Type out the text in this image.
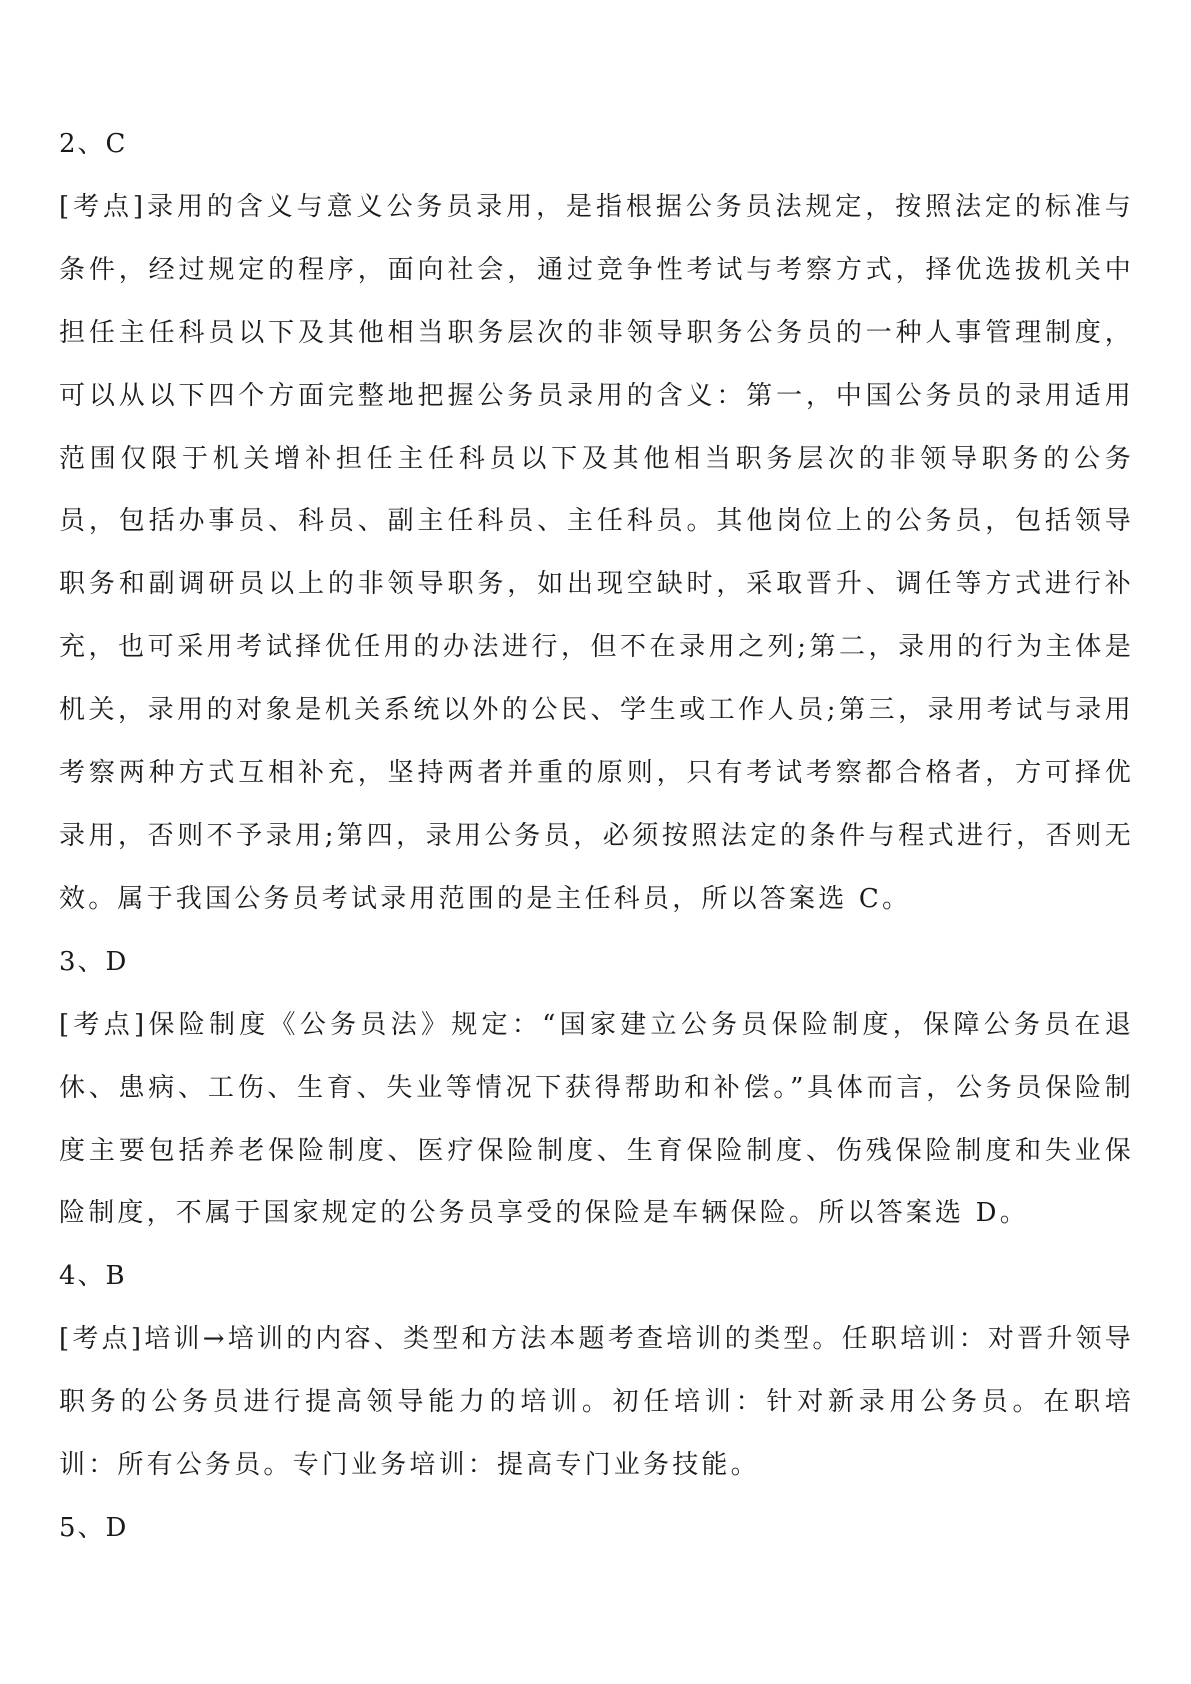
2、C
[考点]录用的含义与意义公务员录用，是指根据公务员法规定，按照法定的标准与条件，经过规定的程序，面向社会，通过竞争性考试与考察方式，择优选拔机关中担任主任科员以下及其他相当职务层次的非领导职务公务员的一种人事管理制度，可以从以下四个方面完整地把握公务员录用的含义：第一，中国公务员的录用适用范围仅限于机关增补担任主任科员以下及其他相当职务层次的非领导职务的公务员，包括办事员、科员、副主任科员、主任科员。其他岗位上的公务员，包括领导职务和副调研员以上的非领导职务，如出现空缺时，采取晋升、调任等方式进行补充，也可采用考试择优任用的办法进行，但不在录用之列;第二，录用的行为主体是机关，录用的对象是机关系统以外的公民、学生或工作人员;第三，录用考试与录用考察两种方式互相补充，坚持两者并重的原则，只有考试考察都合格者，方可择优录用，否则不予录用;第四，录用公务员，必须按照法定的条件与程式进行，否则无效。属于我国公务员考试录用范围的是主任科员，所以答案选 C。
3、D
[考点]保险制度《公务员法》规定：“国家建立公务员保险制度，保障公务员在退休、患病、工伤、生育、失业等情况下获得帮助和补偿。”具体而言，公务员保险制度主要包括养老保险制度、医疗保险制度、生育保险制度、伤残保险制度和失业保险制度，不属于国家规定的公务员享受的保险是车辆保险。所以答案选 D。
4、B
[考点]培训→培训的内容、类型和方法本题考查培训的类型。任职培训：对晋升领导职务的公务员进行提高领导能力的培训。初任培训：针对新录用公务员。在职培训：所有公务员。专门业务培训：提高专门业务技能。
5、D
